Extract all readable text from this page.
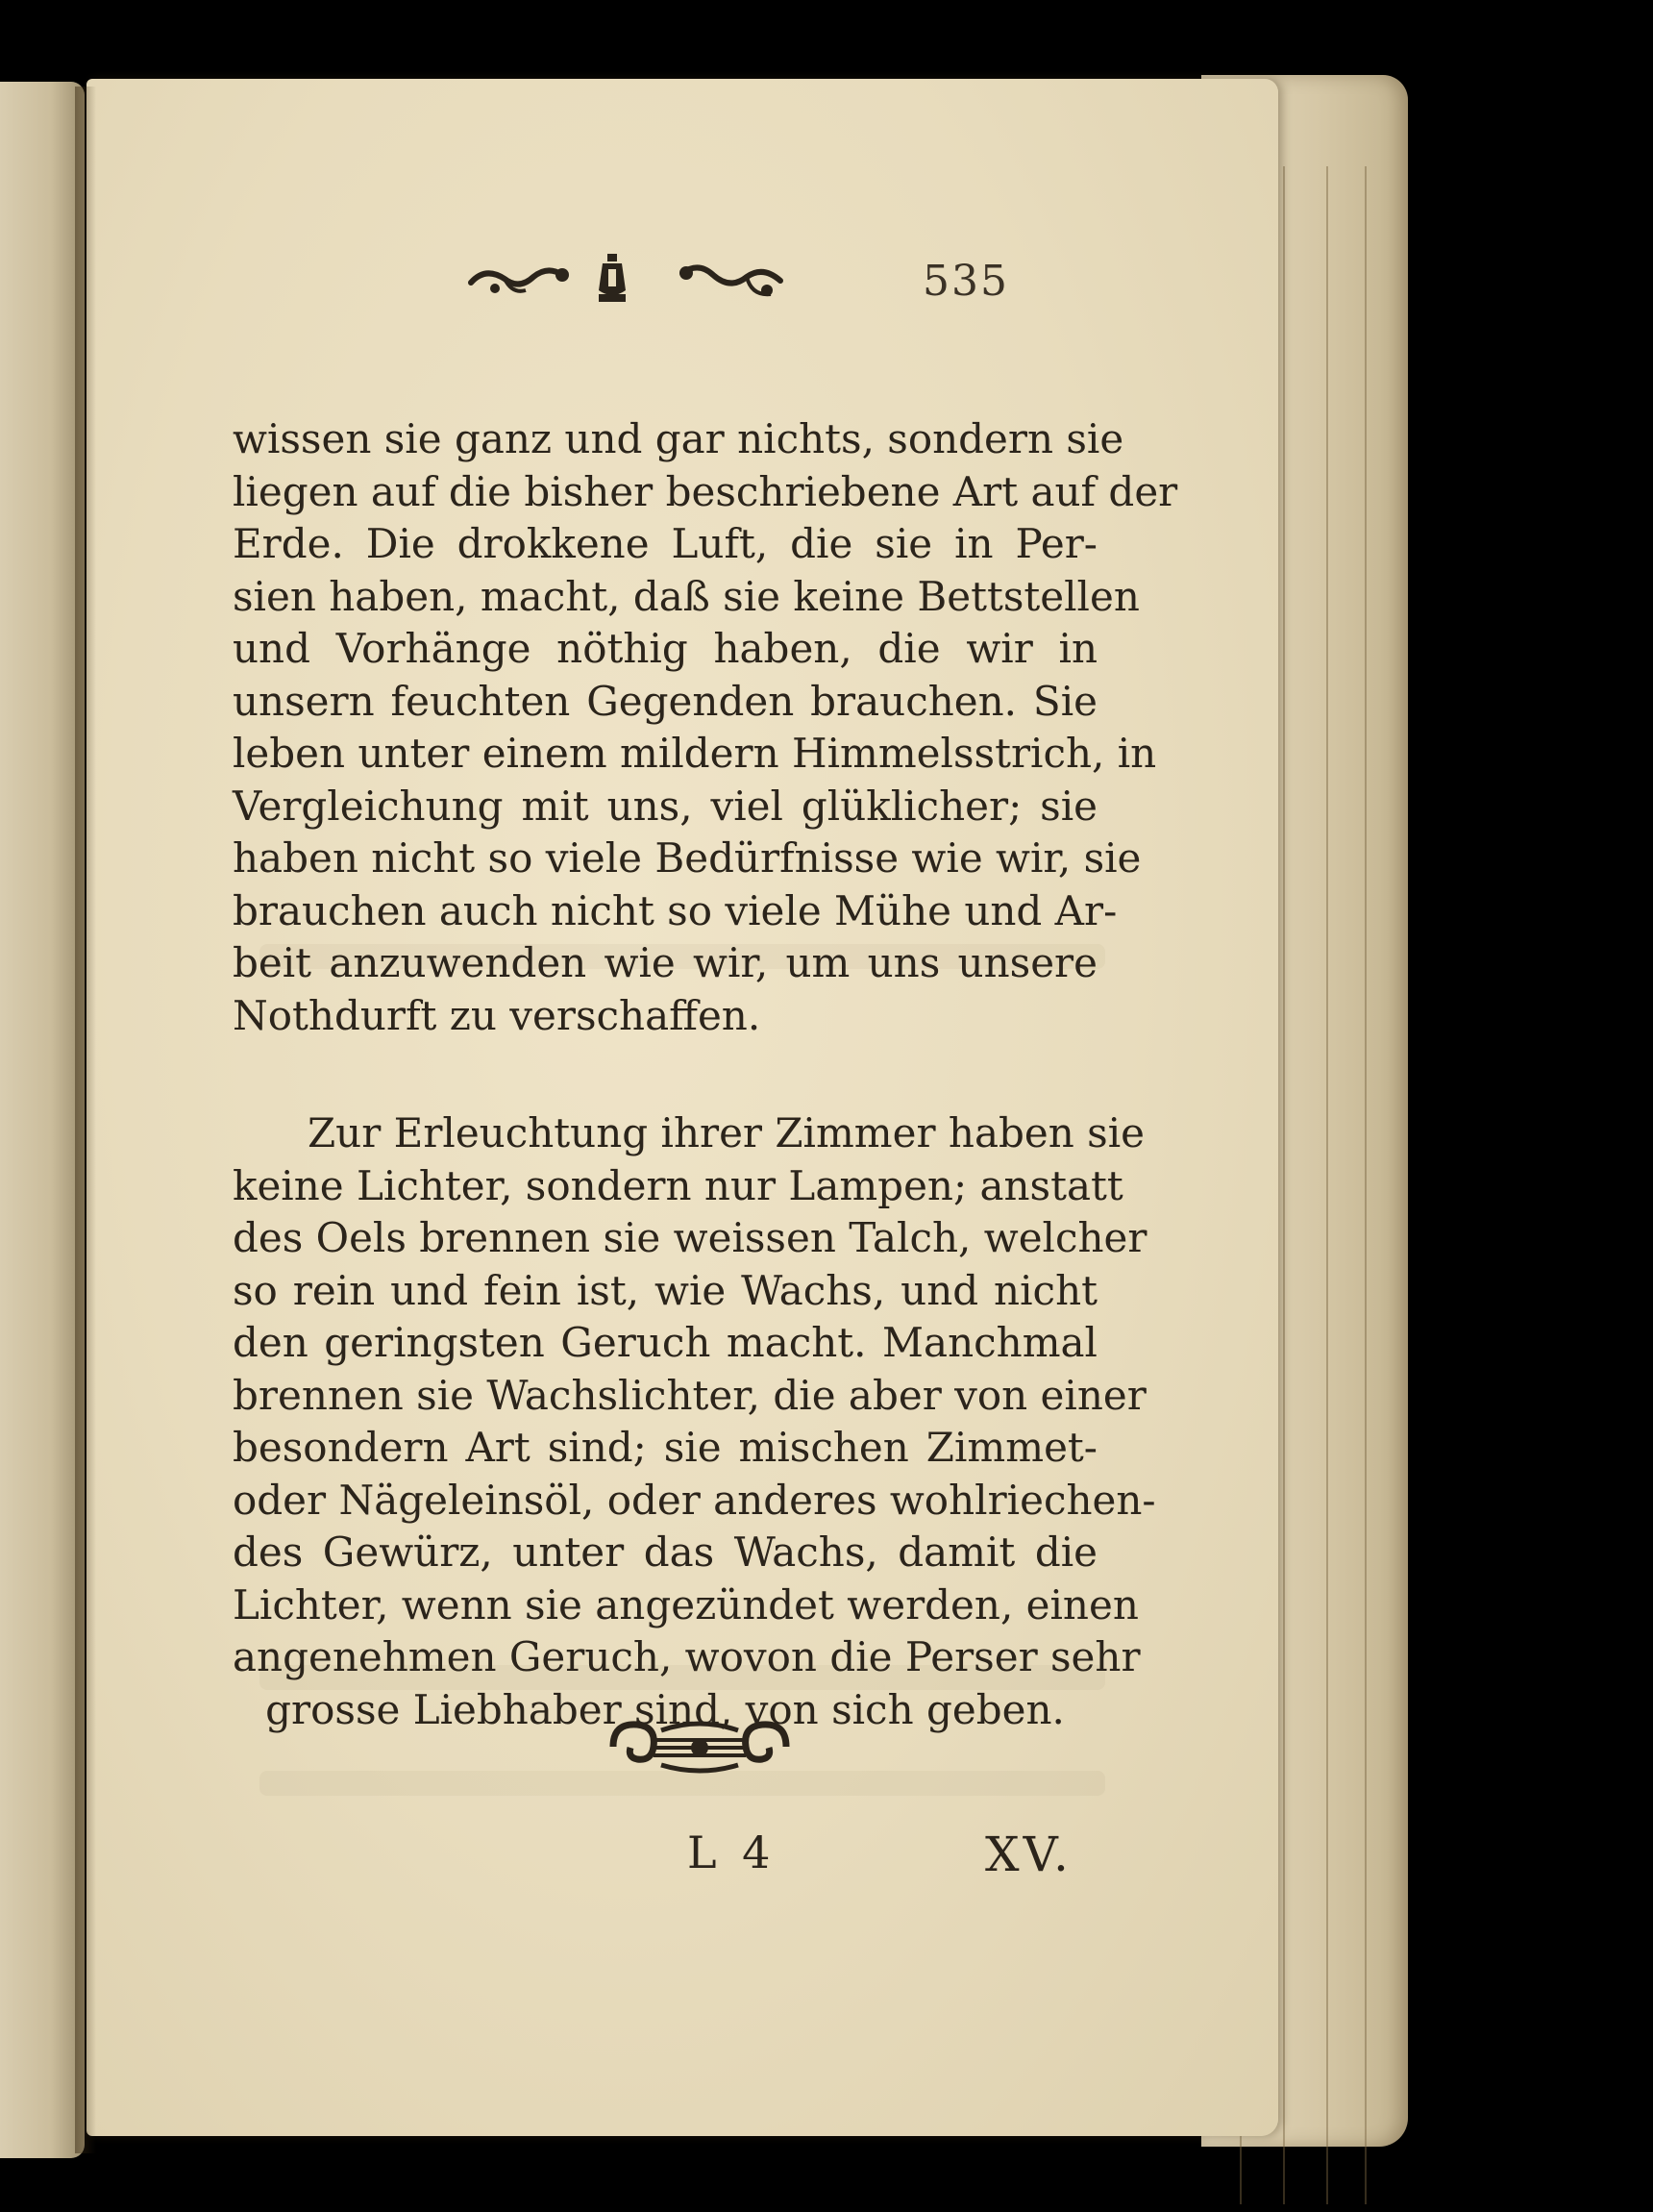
535
wissen sie ganz und gar nichts, sondern sie
liegen auf die bisher beschriebene Art auf der
Erde. Die drokkene Luft, die sie in Per-
sien haben, macht, daß sie keine Bettstellen
und Vorhänge nöthig haben, die wir in
unsern feuchten Gegenden brauchen. Sie
leben unter einem mildern Himmelsstrich, in
Vergleichung mit uns, viel glüklicher; sie
haben nicht so viele Bedürfnisse wie wir, sie
brauchen auch nicht so viele Mühe und Ar-
beit anzuwenden wie wir, um uns unsere
Nothdurft zu verschaffen.
Zur Erleuchtung ihrer Zimmer haben sie
keine Lichter, sondern nur Lampen; anstatt
des Oels brennen sie weissen Talch, welcher
so rein und fein ist, wie Wachs, und nicht
den geringsten Geruch macht. Manchmal
brennen sie Wachslichter, die aber von einer
besondern Art sind; sie mischen Zimmet-
oder Nägeleinsöl, oder anderes wohlriechen-
des Gewürz, unter das Wachs, damit die
Lichter, wenn sie angezündet werden, einen
angenehmen Geruch, wovon die Perser sehr
grosse Liebhaber sind, von sich geben.
L 4	XV.
